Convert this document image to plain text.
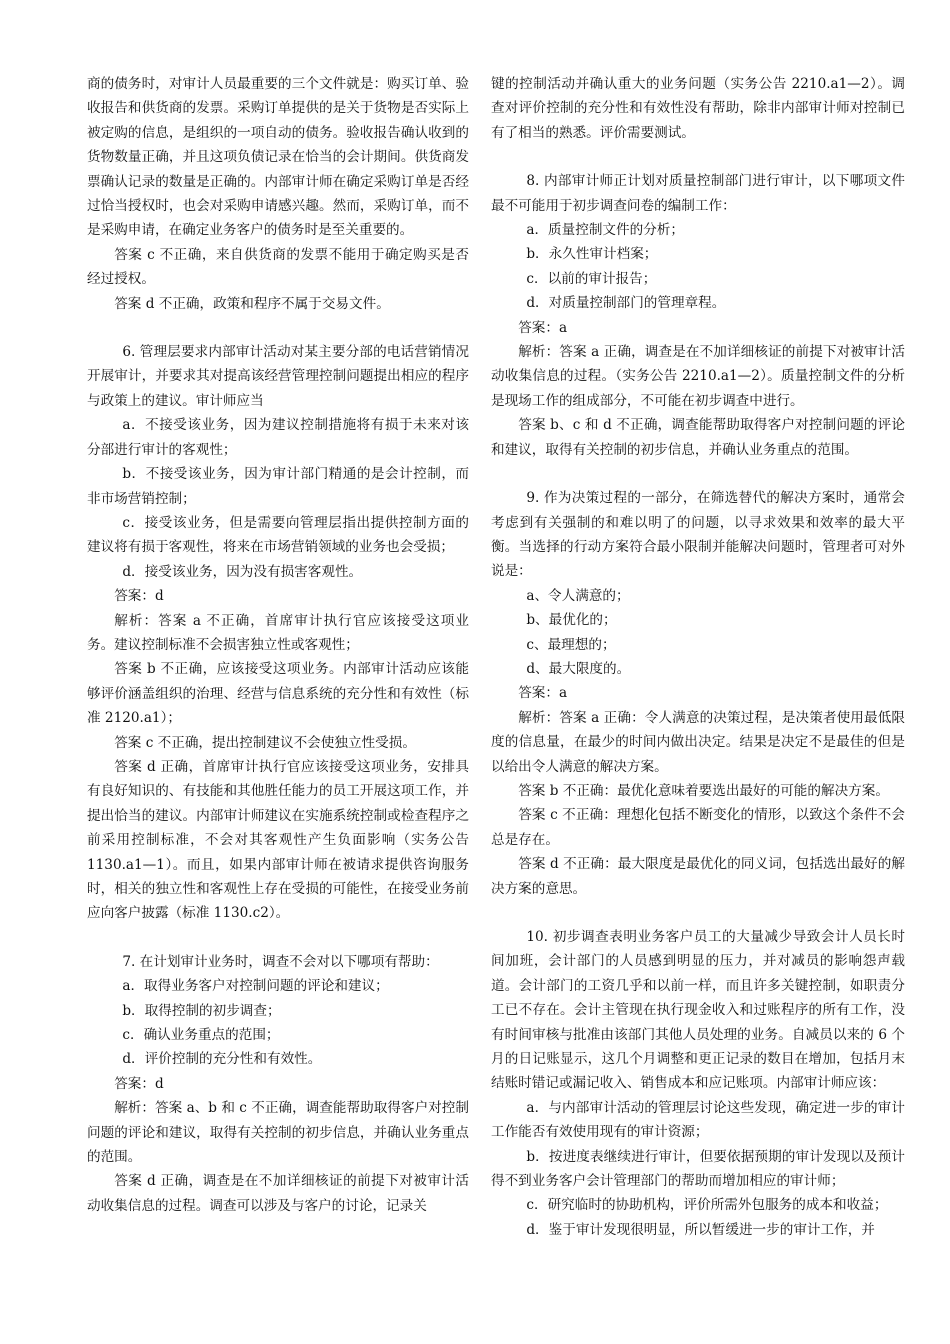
商的债务时，对审计人员最重要的三个文件就是：购买订单、验收报告和供货商的发票。采购订单提供的是关于货物是否实际上被定购的信息，是组织的一项自动的债务。验收报告确认收到的货物数量正确，并且这项负债记录在恰当的会计期间。供货商发票确认记录的数量是正确的。内部审计师在确定采购订单是否经过恰当授权时，也会对采购申请感兴趣。然而，采购订单，而不是采购申请，在确定业务客户的债务时是至关重要的。

答案 c 不正确，来自供货商的发票不能用于确定购买是否经过授权。

答案 d 不正确，政策和程序不属于交易文件。

6. 管理层要求内部审计活动对某主要分部的电话营销情况开展审计，并要求其对提高该经营管理控制问题提出相应的程序与政策上的建议。审计师应当

a．不接受该业务，因为建议控制措施将有损于未来对该分部进行审计的客观性；

b．不接受该业务，因为审计部门精通的是会计控制，而非市场营销控制；

c．接受该业务，但是需要向管理层指出提供控制方面的建议将有损于客观性，将来在市场营销领域的业务也会受损；

d．接受该业务，因为没有损害客观性。

答案：d

解析：答案 a 不正确，首席审计执行官应该接受这项业务。建议控制标准不会损害独立性或客观性；

答案 b 不正确，应该接受这项业务。内部审计活动应该能够评价涵盖组织的治理、经营与信息系统的充分性和有效性（标准 2120.a1）；

答案 c 不正确，提出控制建议不会使独立性受损。

答案 d 正确，首席审计执行官应该接受这项业务，安排具有良好知识的、有技能和其他胜任能力的员工开展这项工作，并提出恰当的建议。内部审计师建议在实施系统控制或检查程序之前采用控制标准，不会对其客观性产生负面影响（实务公告 1130.a1—1）。而且，如果内部审计师在被请求提供咨询服务时，相关的独立性和客观性上存在受损的可能性，在接受业务前应向客户披露（标准 1130.c2）。

7. 在计划审计业务时，调查不会对以下哪项有帮助：

a．取得业务客户对控制问题的评论和建议；

b．取得控制的初步调查；

c．确认业务重点的范围；

d．评价控制的充分性和有效性。

答案：d

解析：答案 a、b 和 c 不正确，调查能帮助取得客户对控制问题的评论和建议，取得有关控制的初步信息，并确认业务重点的范围。

答案 d 正确，调查是在不加详细核证的前提下对被审计活动收集信息的过程。调查可以涉及与客户的讨论，记录关

键的控制活动并确认重大的业务问题（实务公告 2210.a1—2）。调查对评价控制的充分性和有效性没有帮助，除非内部审计师对控制已有了相当的熟悉。评价需要测试。

8. 内部审计师正计划对质量控制部门进行审计，以下哪项文件最不可能用于初步调查问卷的编制工作：

a．质量控制文件的分析；

b．永久性审计档案；

c．以前的审计报告；

d．对质量控制部门的管理章程。

答案：a

解析：答案 a 正确，调查是在不加详细核证的前提下对被审计活动收集信息的过程。（实务公告 2210.a1—2）。质量控制文件的分析是现场工作的组成部分，不可能在初步调查中进行。

答案 b、c 和 d 不正确，调查能帮助取得客户对控制问题的评论和建议，取得有关控制的初步信息，并确认业务重点的范围。

9. 作为决策过程的一部分，在筛选替代的解决方案时，通常会考虑到有关强制的和难以明了的问题，以寻求效果和效率的最大平衡。当选择的行动方案符合最小限制并能解决问题时，管理者可对外说是：

a、令人满意的；

b、最优化的；

c、最理想的；

d、最大限度的。

答案：a

解析：答案 a 正确：令人满意的决策过程，是决策者使用最低限度的信息量，在最少的时间内做出决定。结果是决定不是最佳的但是以给出令人满意的解决方案。

答案 b 不正确：最优化意味着要选出最好的可能的解决方案。

答案 c 不正确：理想化包括不断变化的情形，以致这个条件不会总是存在。

答案 d 不正确：最大限度是最优化的同义词，包括选出最好的解决方案的意思。

10. 初步调查表明业务客户员工的大量减少导致会计人员长时间加班，会计部门的人员感到明显的压力，并对减员的影响怨声载道。会计部门的工资几乎和以前一样，而且许多关键控制，如职责分工已不存在。会计主管现在执行现金收入和过账程序的所有工作，没有时间审核与批准由该部门其他人员处理的业务。自减员以来的 6 个月的日记账显示，这几个月调整和更正记录的数目在增加，包括月末结账时错记或漏记收入、销售成本和应记账项。内部审计师应该：

a．与内部审计活动的管理层讨论这些发现，确定进一步的审计工作能否有效使用现有的审计资源；

b．按进度表继续进行审计，但要依据预期的审计发现以及预计得不到业务客户会计管理部门的帮助而增加相应的审计师；

c．研究临时的协助机构，评价所需外包服务的成本和收益；

d．鉴于审计发现很明显，所以暂缓进一步的审计工作，并
